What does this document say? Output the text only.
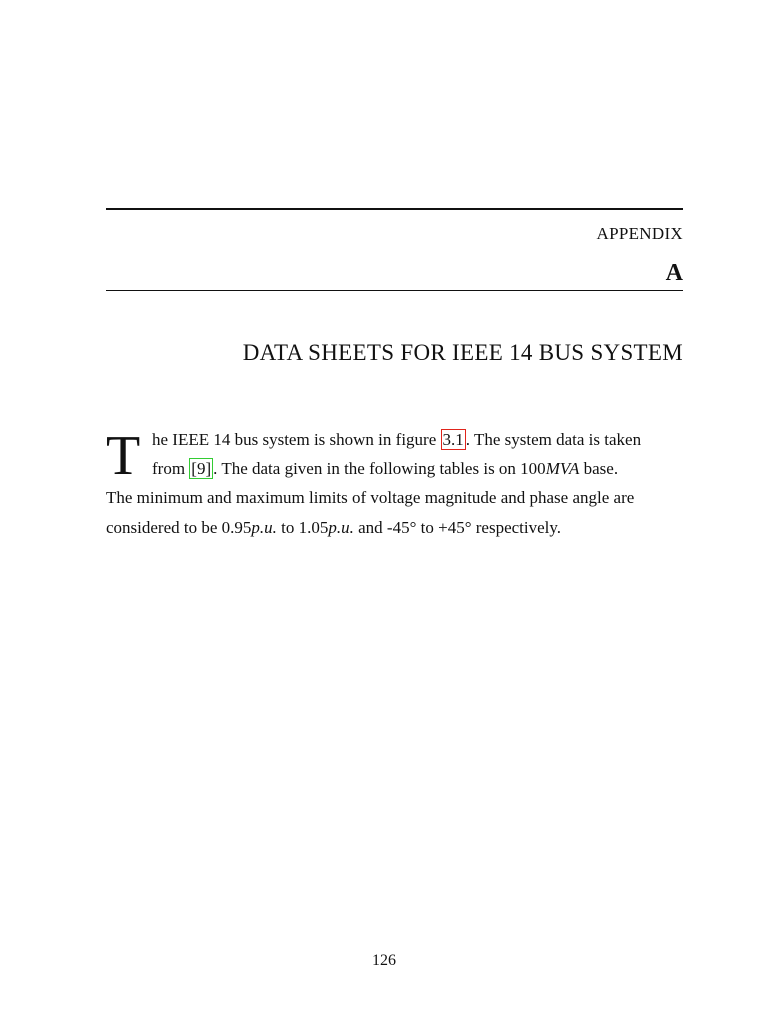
APPENDIX
A
DATA SHEETS FOR IEEE 14 BUS SYSTEM
T he IEEE 14 bus system is shown in figure 3.1 . The system data is taken
from [9] . The data given in the following tables is on 100MVA base.
The minimum and maximum limits of voltage magnitude and phase angle are
considered to be 0.95p.u. to 1.05p.u. and -45° to +45° respectively.
126
